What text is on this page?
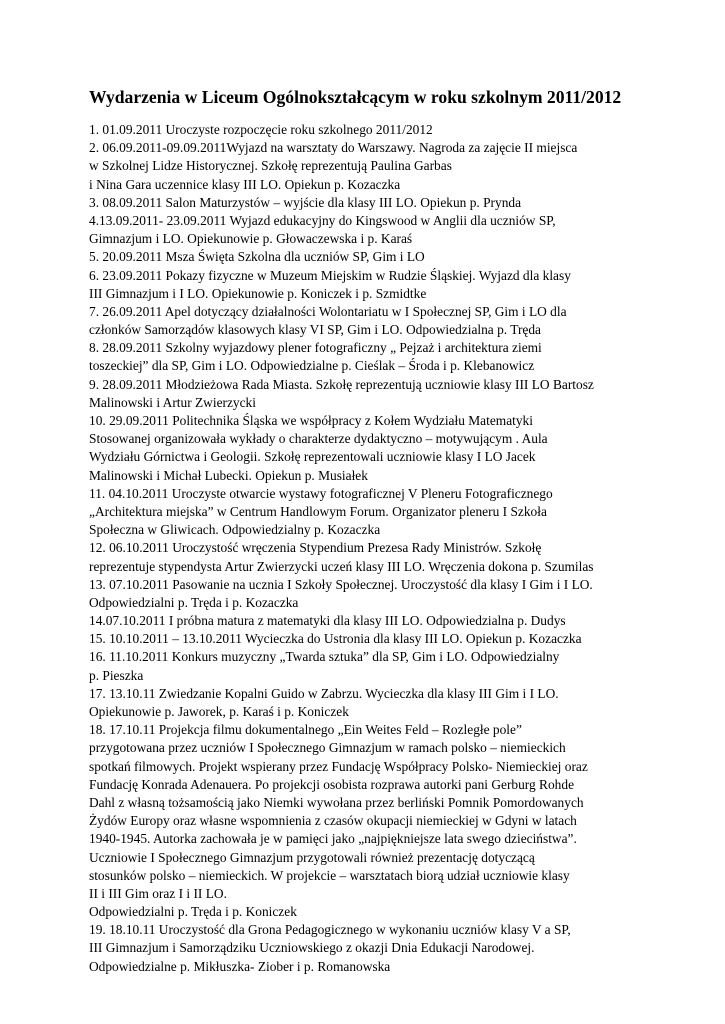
Wydarzenia w Liceum Ogólnokształcącym w roku szkolnym 2011/2012
1. 01.09.2011 Uroczyste rozpoczęcie roku szkolnego 2011/2012
2. 06.09.2011-09.09.2011Wyjazd na warsztaty do Warszawy. Nagroda za zajęcie II miejsca
w Szkolnej Lidze Historycznej. Szkołę reprezentują Paulina Garbas
i Nina Gara uczennice klasy III LO. Opiekun p. Kozaczka
3. 08.09.2011 Salon Maturzystów – wyjście dla klasy III LO. Opiekun p. Prynda
4.13.09.2011- 23.09.2011 Wyjazd edukacyjny do Kingswood w Anglii dla uczniów SP,
Gimnazjum i LO. Opiekunowie p. Głowaczewska i p. Karaś
5. 20.09.2011 Msza Święta Szkolna dla uczniów SP, Gim i LO
6. 23.09.2011 Pokazy fizyczne w Muzeum Miejskim w Rudzie Śląskiej. Wyjazd dla klasy
III Gimnazjum i I LO. Opiekunowie p. Koniczek i p. Szmidtke
7. 26.09.2011 Apel dotyczący działalności Wolontariatu w I Społecznej SP, Gim i LO dla
członków Samorządów klasowych klasy VI SP, Gim i LO. Odpowiedzialna p. Tręda
8. 28.09.2011 Szkolny wyjazdowy plener fotograficzny „ Pejzaż i architektura ziemi
toszeckiej” dla SP, Gim i LO. Odpowiedzialne p. Cieślak – Środa i p. Klebanowicz
9. 28.09.2011 Młodzieżowa Rada Miasta. Szkołę reprezentują uczniowie klasy III LO Bartosz
Malinowski i Artur Zwierzycki
10. 29.09.2011 Politechnika Śląska we współpracy z Kołem Wydziału Matematyki
Stosowanej organizowała wykłady o charakterze dydaktyczno – motywującym . Aula
Wydziału Górnictwa i Geologii. Szkołę reprezentowali uczniowie klasy I LO Jacek
Malinowski i Michał Lubecki. Opiekun p. Musiałek
11. 04.10.2011 Uroczyste otwarcie wystawy fotograficznej V Pleneru Fotograficznego
„Architektura miejska” w Centrum Handlowym Forum. Organizator pleneru I Szkoła
Społeczna w Gliwicach. Odpowiedzialny p. Kozaczka
12. 06.10.2011 Uroczystość wręczenia Stypendium Prezesa Rady Ministrów. Szkołę
reprezentuje stypendysta Artur Zwierzycki uczeń klasy III LO. Wręczenia dokona p. Szumilas
13. 07.10.2011 Pasowanie na ucznia I Szkoły Społecznej. Uroczystość dla klasy I Gim i I LO.
Odpowiedzialni p. Tręda i p. Kozaczka
14.07.10.2011 I próbna matura z matematyki dla klasy III LO. Odpowiedzialna p. Dudys
15. 10.10.2011 – 13.10.2011 Wycieczka do Ustronia dla klasy III LO. Opiekun p. Kozaczka
16. 11.10.2011 Konkurs muzyczny „Twarda sztuka” dla SP, Gim i LO. Odpowiedzialny
p. Pieszka
17. 13.10.11 Zwiedzanie Kopalni Guido w Zabrzu. Wycieczka dla klasy III Gim i I LO.
Opiekunowie p. Jaworek, p. Karaś i p. Koniczek
18. 17.10.11 Projekcja filmu dokumentalnego „Ein Weites Feld – Rozległe pole”
przygotowana przez uczniów I Społecznego Gimnazjum w ramach polsko – niemieckich
spotkań filmowych. Projekt wspierany przez Fundację Współpracy Polsko- Niemieckiej oraz
Fundację Konrada Adenauera. Po projekcji osobista rozprawa autorki pani Gerburg Rohde
Dahl z własną tożsamością jako Niemki wywołana przez berliński Pomnik Pomordowanych
Żydów Europy oraz własne wspomnienia z czasów okupacji niemieckiej w Gdyni w latach
1940-1945. Autorka zachowała je w pamięci jako „najpiękniejsze lata swego dzieciństwa”.
Uczniowie I Społecznego Gimnazjum przygotowali również prezentację dotyczącą
stosunków polsko – niemieckich. W projekcie – warsztatach biorą udział uczniowie klasy
II i III Gim oraz I i II LO.
Odpowiedzialni p. Tręda i p. Koniczek
19. 18.10.11 Uroczystość dla Grona Pedagogicznego w wykonaniu uczniów klasy V a SP,
III Gimnazjum i Samorządziku Uczniowskiego z okazji Dnia Edukacji Narodowej.
Odpowiedzialne p. Mikłuszka- Ziober i p. Romanowska
